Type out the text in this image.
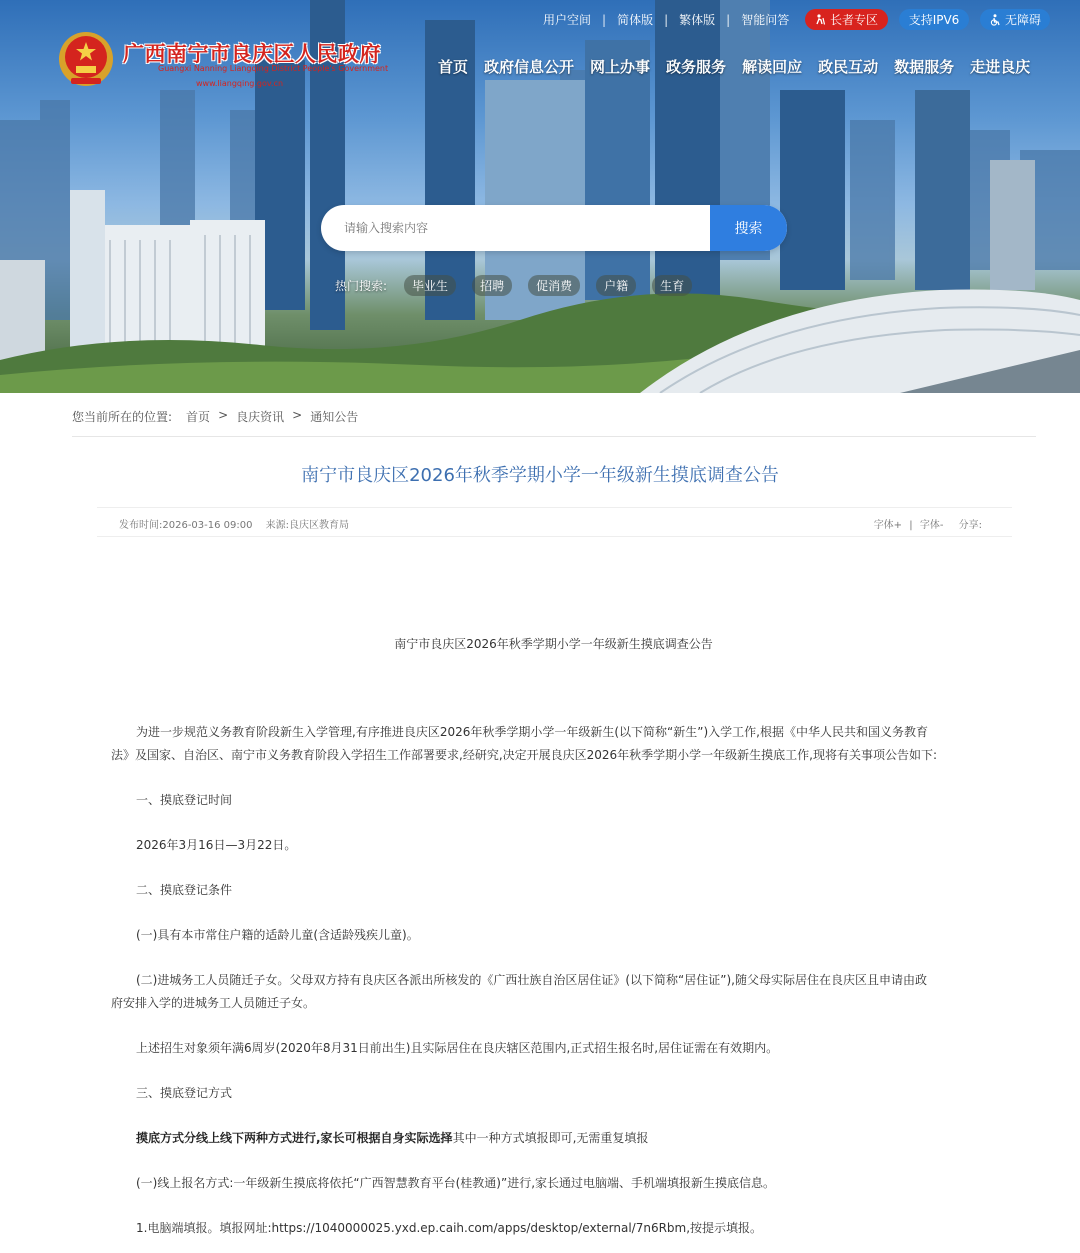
广西南宁市良庆区人民政府
Guangxi Nanning Liangqing District People's Government
www.liangqing.gov.cn
用户空间 | 简体版 | 繁体版 | 智能问答	长者专区	支持IPV6	无障碍
首页	政府信息公开	网上办事	政务服务	解读回应	政民互动	数据服务	走进良庆
请输入搜索内容
搜索
热门搜索:	毕业生	招聘	促消费	户籍	生育
您当前所在的位置: 首页 > 良庆资讯 > 通知公告
南宁市良庆区2026年秋季学期小学一年级新生摸底调查公告
发布时间:2026-03-16 09:00 来源:良庆区教育局	字体+ | 字体- 分享:
南宁市良庆区2026年秋季学期小学一年级新生摸底调查公告
为进一步规范义务教育阶段新生入学管理,有序推进良庆区2026年秋季学期小学一年级新生(以下简称“新生”)入学工作,根据《中华人民共和国义务教育
法》及国家、自治区、南宁市义务教育阶段入学招生工作部署要求,经研究,决定开展良庆区2026年秋季学期小学一年级新生摸底工作,现将有关事项公告如下:
一、摸底登记时间
2026年3月16日—3月22日。
二、摸底登记条件
(一)具有本市常住户籍的适龄儿童(含适龄残疾儿童)。
(二)进城务工人员随迁子女。父母双方持有良庆区各派出所核发的《广西壮族自治区居住证》(以下简称“居住证”),随父母实际居住在良庆区且申请由政
府安排入学的进城务工人员随迁子女。
上述招生对象须年满6周岁(2020年8月31日前出生)且实际居住在良庆辖区范围内,正式招生报名时,居住证需在有效期内。
三、摸底登记方式
摸底方式分线上线下两种方式进行,家长可根据自身实际选择其中一种方式填报即可,无需重复填报
(一)线上报名方式:一年级新生摸底将依托“广西智慧教育平台(桂教通)”进行,家长通过电脑端、手机端填报新生摸底信息。
1.电脑端填报。填报网址:https://1040000025.yxd.ep.caih.com/apps/desktop/external/7n6Rbm,按提示填报。
